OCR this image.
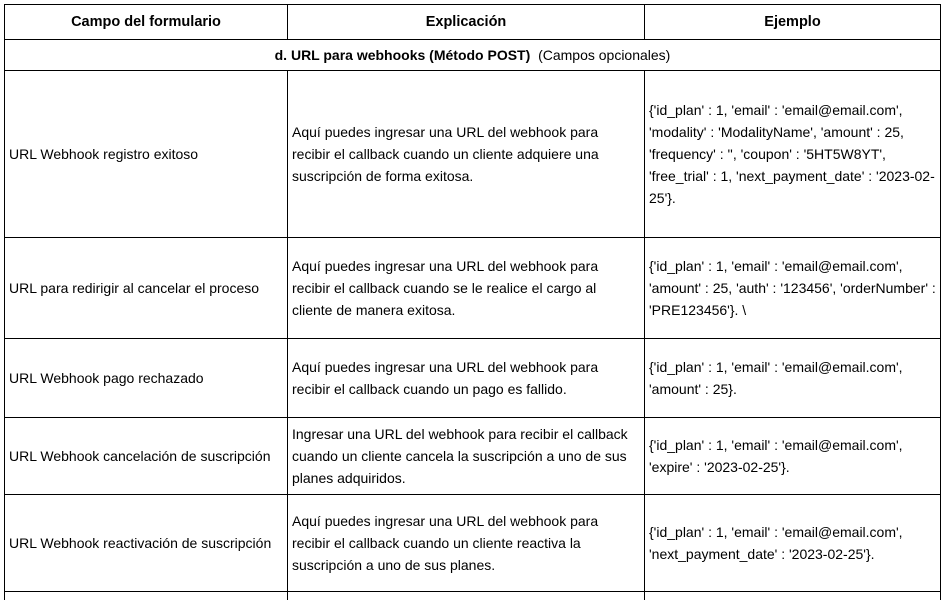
Campo del formulario	Explicación	Ejemplo
d. URL para webhooks (Método POST) (Campos opcionales)		
URL Webhook registro exitoso	Aquí puedes ingresar una URL del webhook para recibir el callback cuando un cliente adquiere una suscripción de forma exitosa.	{'id_plan' : 1, 'email' : 'email@email.com', 'modality' : 'ModalityName', 'amount' : 25, 'frequency' : '', 'coupon' : '5HT5W8YT', 'free_trial' : 1, 'next_payment_date' : '2023-02-25'}.
URL para redirigir al cancelar el proceso	Aquí puedes ingresar una URL del webhook para recibir el callback cuando se le realice el cargo al cliente de manera exitosa.	{'id_plan' : 1, 'email' : 'email@email.com', 'amount' : 25, 'auth' : '123456', 'orderNumber' : 'PRE123456'}. \
URL Webhook pago rechazado	Aquí puedes ingresar una URL del webhook para recibir el callback cuando un pago es fallido.	{'id_plan' : 1, 'email' : 'email@email.com', 'amount' : 25}.
URL Webhook cancelación de suscripción	Ingresar una URL del webhook para recibir el callback cuando un cliente cancela la suscripción a uno de sus planes adquiridos.	{'id_plan' : 1, 'email' : 'email@email.com', 'expire' : '2023-02-25'}.
URL Webhook reactivación de suscripción	Aquí puedes ingresar una URL del webhook para recibir el callback cuando un cliente reactiva la suscripción a uno de sus planes.	{'id_plan' : 1, 'email' : 'email@email.com', 'next_payment_date' : '2023-02-25'}.
